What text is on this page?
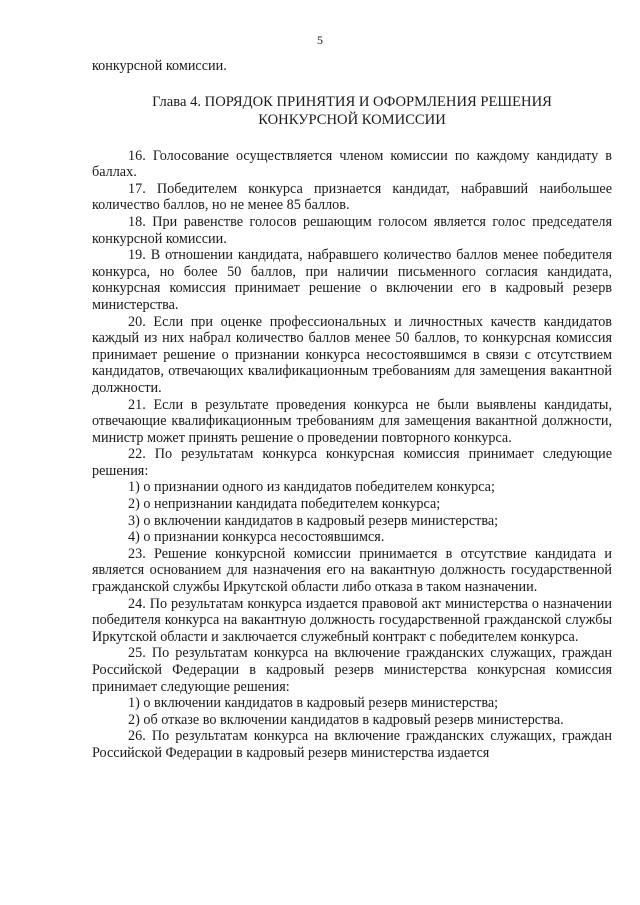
5

конкурсной комиссии.

Глава 4. ПОРЯДОК ПРИНЯТИЯ И ОФОРМЛЕНИЯ РЕШЕНИЯ
КОНКУРСНОЙ КОМИССИИ

16. Голосование осуществляется членом комиссии по каждому кандидату в баллах.

17. Победителем конкурса признается кандидат, набравший наибольшее количество баллов, но не менее 85 баллов.

18. При равенстве голосов решающим голосом является голос председателя конкурсной комиссии.

19. В отношении кандидата, набравшего количество баллов менее победителя конкурса, но более 50 баллов, при наличии письменного согласия кандидата, конкурсная комиссия принимает решение о включении его в кадровый резерв министерства.

20. Если при оценке профессиональных и личностных качеств кандидатов каждый из них набрал количество баллов менее 50 баллов, то конкурсная комиссия принимает решение о признании конкурса несостоявшимся в связи с отсутствием кандидатов, отвечающих квалификационным требованиям для замещения вакантной должности.

21. Если в результате проведения конкурса не были выявлены кандидаты, отвечающие квалификационным требованиям для замещения вакантной должности, министр может принять решение о проведении повторного конкурса.

22. По результатам конкурса конкурсная комиссия принимает следующие решения:

1) о признании одного из кандидатов победителем конкурса;

2) о непризнании кандидата победителем конкурса;

3) о включении кандидатов в кадровый резерв министерства;

4) о признании конкурса несостоявшимся.

23. Решение конкурсной комиссии принимается в отсутствие кандидата и является основанием для назначения его на вакантную должность государственной гражданской службы Иркутской области либо отказа в таком назначении.

24. По результатам конкурса издается правовой акт министерства о назначении победителя конкурса на вакантную должность государственной гражданской службы Иркутской области и заключается служебный контракт с победителем конкурса.

25. По результатам конкурса на включение гражданских служащих, граждан Российской Федерации в кадровый резерв министерства конкурсная комиссия принимает следующие решения:

1) о включении кандидатов в кадровый резерв министерства;

2) об отказе во включении кандидатов в кадровый резерв министерства.

26. По результатам конкурса на включение гражданских служащих, граждан Российской Федерации в кадровый резерв министерства издается
